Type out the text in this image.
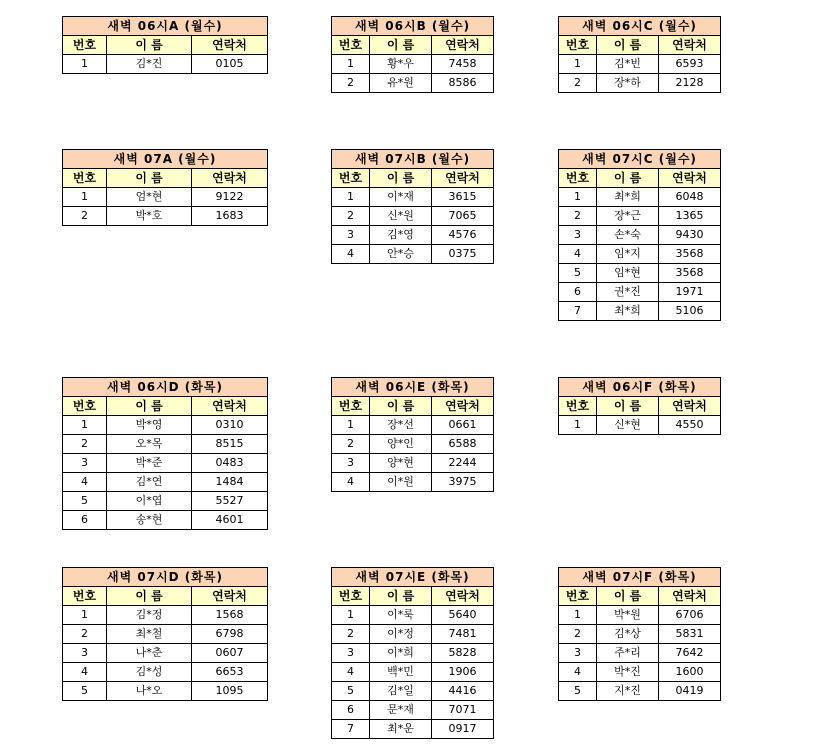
새벽 06시A (월수)		
번호	이 름	연락처
1	김*진	0105
새벽 06시B (월수)		
번호	이 름	연락처
1	황*우	7458
2	유*원	8586
새벽 06시C (월수)		
번호	이 름	연락처
1	김*빈	6593
2	장*하	2128
새벽 07A (월수)		
번호	이 름	연락처
1	엄*현	9122
2	박*호	1683
새벽 07시B (월수)		
번호	이 름	연락처
1	이*재	3615
2	신*원	7065
3	김*영	4576
4	안*승	0375
새벽 07시C (월수)		
번호	이 름	연락처
1	최*희	6048
2	장*근	1365
3	손*숙	9430
4	임*지	3568
5	임*현	3568
6	권*진	1971
7	최*희	5106
새벽 06시D (화목)		
번호	이 름	연락처
1	박*영	0310
2	오*목	8515
3	박*준	0483
4	김*연	1484
5	이*엽	5527
6	송*현	4601
새벽 06시E (화목)		
번호	이 름	연락처
1	장*선	0661
2	양*인	6588
3	양*현	2244
4	이*원	3975
새벽 06시F (화목)		
번호	이 름	연락처
1	신*현	4550
새벽 07시D (화목)		
번호	이 름	연락처
1	김*정	1568
2	최*철	6798
3	나*춘	0607
4	김*성	6653
5	나*오	1095
새벽 07시E (화목)		
번호	이 름	연락처
1	이*룩	5640
2	이*정	7481
3	이*희	5828
4	백*민	1906
5	김*일	4416
6	문*재	7071
7	최*운	0917
새벽 07시F (화목)		
번호	이 름	연락처
1	박*원	6706
2	김*상	5831
3	주*리	7642
4	박*진	1600
5	지*진	0419
